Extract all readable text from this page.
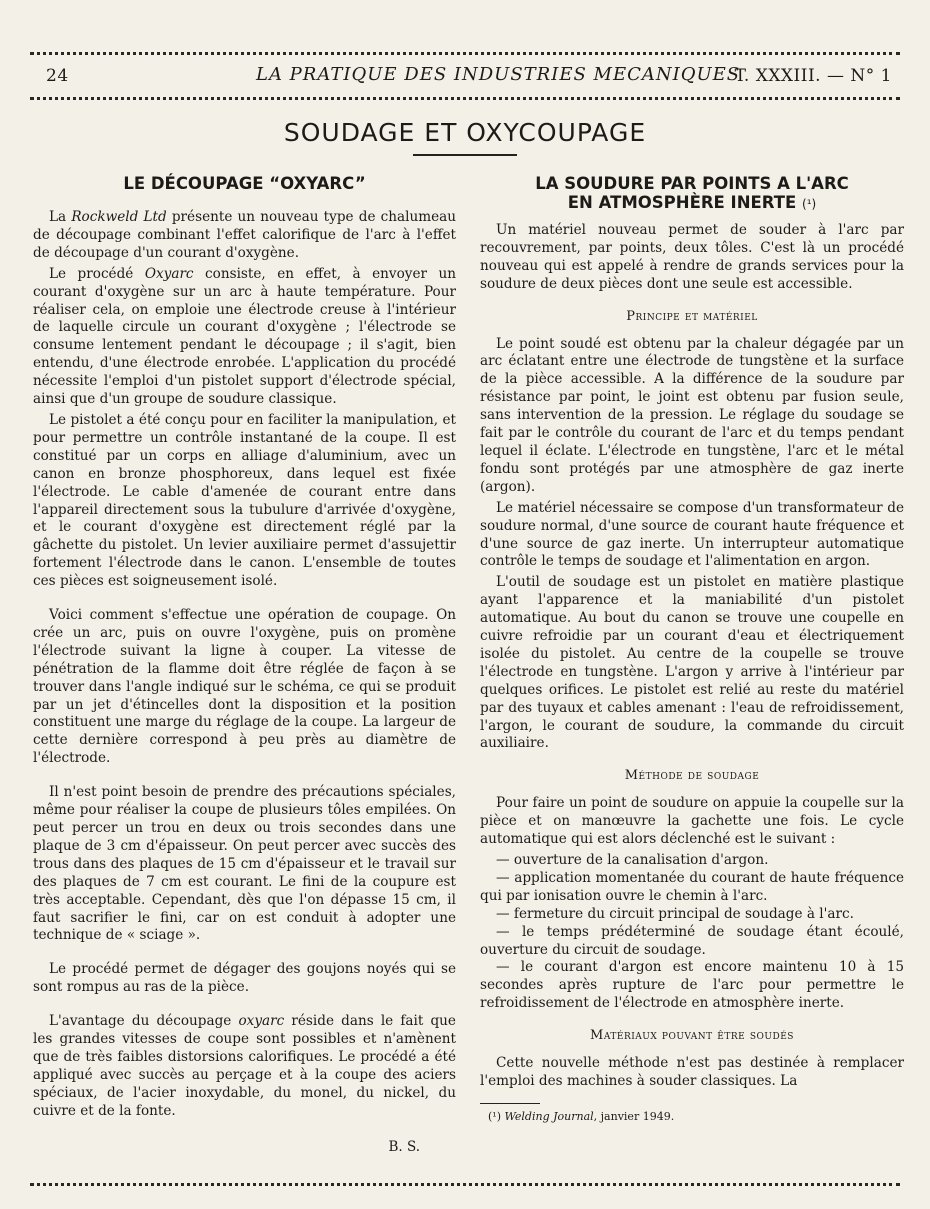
24	LA PRATIQUE DES INDUSTRIES MECANIQUES
T. XXXIII. — N° 1
SOUDAGE ET OXYCOUPAGE
LE DÉCOUPAGE “OXYARC”

La Rockweld Ltd présente un nouveau type de chalumeau de découpage combinant l'effet calorifique de l'arc à l'effet de découpage d'un courant d'oxygène.

Le procédé Oxyarc consiste, en effet, à envoyer un courant d'oxygène sur un arc à haute température. Pour réaliser cela, on emploie une électrode creuse à l'intérieur de laquelle circule un courant d'oxygène ; l'électrode se consume lentement pendant le découpage ; il s'agit, bien entendu, d'une électrode enrobée. L'application du procédé nécessite l'emploi d'un pistolet support d'électrode spécial, ainsi que d'un groupe de soudure classique.

Le pistolet a été conçu pour en faciliter la manipulation, et pour permettre un contrôle instantané de la coupe. Il est constitué par un corps en alliage d'aluminium, avec un canon en bronze phosphoreux, dans lequel est fixée l'électrode. Le cable d'amenée de courant entre dans l'appareil directement sous la tubulure d'arrivée d'oxygène, et le courant d'oxygène est directement réglé par la gâchette du pistolet. Un levier auxiliaire permet d'assujettir fortement l'électrode dans le canon. L'ensemble de toutes ces pièces est soigneusement isolé.

Voici comment s'effectue une opération de coupage. On crée un arc, puis on ouvre l'oxygène, puis on promène l'électrode suivant la ligne à couper. La vitesse de pénétration de la flamme doit être réglée de façon à se trouver dans l'angle indiqué sur le schéma, ce qui se produit par un jet d'étincelles dont la disposition et la position constituent une marge du réglage de la coupe. La largeur de cette dernière correspond à peu près au diamètre de l'électrode.

Il n'est point besoin de prendre des précautions spéciales, même pour réaliser la coupe de plusieurs tôles empilées. On peut percer un trou en deux ou trois secondes dans une plaque de 3 cm d'épaisseur. On peut percer avec succès des trous dans des plaques de 15 cm d'épaisseur et le travail sur des plaques de 7 cm est courant. Le fini de la coupure est très acceptable. Cependant, dès que l'on dépasse 15 cm, il faut sacrifier le fini, car on est conduit à adopter une technique de « sciage ».

Le procédé permet de dégager des goujons noyés qui se sont rompus au ras de la pièce.

L'avantage du découpage oxyarc réside dans le fait que les grandes vitesses de coupe sont possibles et n'amènent que de très faibles distorsions calorifiques. Le procédé a été appliqué avec succès au perçage et à la coupe des aciers spéciaux, de l'acier inoxydable, du monel, du nickel, du cuivre et de la fonte.

B. S.
LA SOUDURE PAR POINTS A L'ARC
EN ATMOSPHÈRE INERTE (¹)

Un matériel nouveau permet de souder à l'arc par recouvrement, par points, deux tôles. C'est là un procédé nouveau qui est appelé à rendre de grands services pour la soudure de deux pièces dont une seule est accessible.

Principe et matériel

Le point soudé est obtenu par la chaleur dégagée par un arc éclatant entre une électrode de tungstène et la surface de la pièce accessible. A la différence de la soudure par résistance par point, le joint est obtenu par fusion seule, sans intervention de la pression. Le réglage du soudage se fait par le contrôle du courant de l'arc et du temps pendant lequel il éclate. L'électrode en tungstène, l'arc et le métal fondu sont protégés par une atmosphère de gaz inerte (argon).

Le matériel nécessaire se compose d'un transformateur de soudure normal, d'une source de courant haute fréquence et d'une source de gaz inerte. Un interrupteur automatique contrôle le temps de soudage et l'alimentation en argon.

L'outil de soudage est un pistolet en matière plastique ayant l'apparence et la maniabilité d'un pistolet automatique. Au bout du canon se trouve une coupelle en cuivre refroidie par un courant d'eau et électriquement isolée du pistolet. Au centre de la coupelle se trouve l'électrode en tungstène. L'argon y arrive à l'intérieur par quelques orifices. Le pistolet est relié au reste du matériel par des tuyaux et cables amenant : l'eau de refroidissement, l'argon, le courant de soudure, la commande du circuit auxiliaire.

Méthode de soudage

Pour faire un point de soudure on appuie la coupelle sur la pièce et on manœuvre la gachette une fois. Le cycle automatique qui est alors déclenché est le suivant :

— ouverture de la canalisation d'argon.

— application momentanée du courant de haute fréquence qui par ionisation ouvre le chemin à l'arc.

— fermeture du circuit principal de soudage à l'arc.

— le temps prédéterminé de soudage étant écoulé, ouverture du circuit de soudage.

— le courant d'argon est encore maintenu 10 à 15 secondes après rupture de l'arc pour permettre le refroidissement de l'électrode en atmosphère inerte.

Matériaux pouvant être soudés

Cette nouvelle méthode n'est pas destinée à remplacer l'emploi des machines à souder classiques. La

(¹) Welding Journal, janvier 1949.
